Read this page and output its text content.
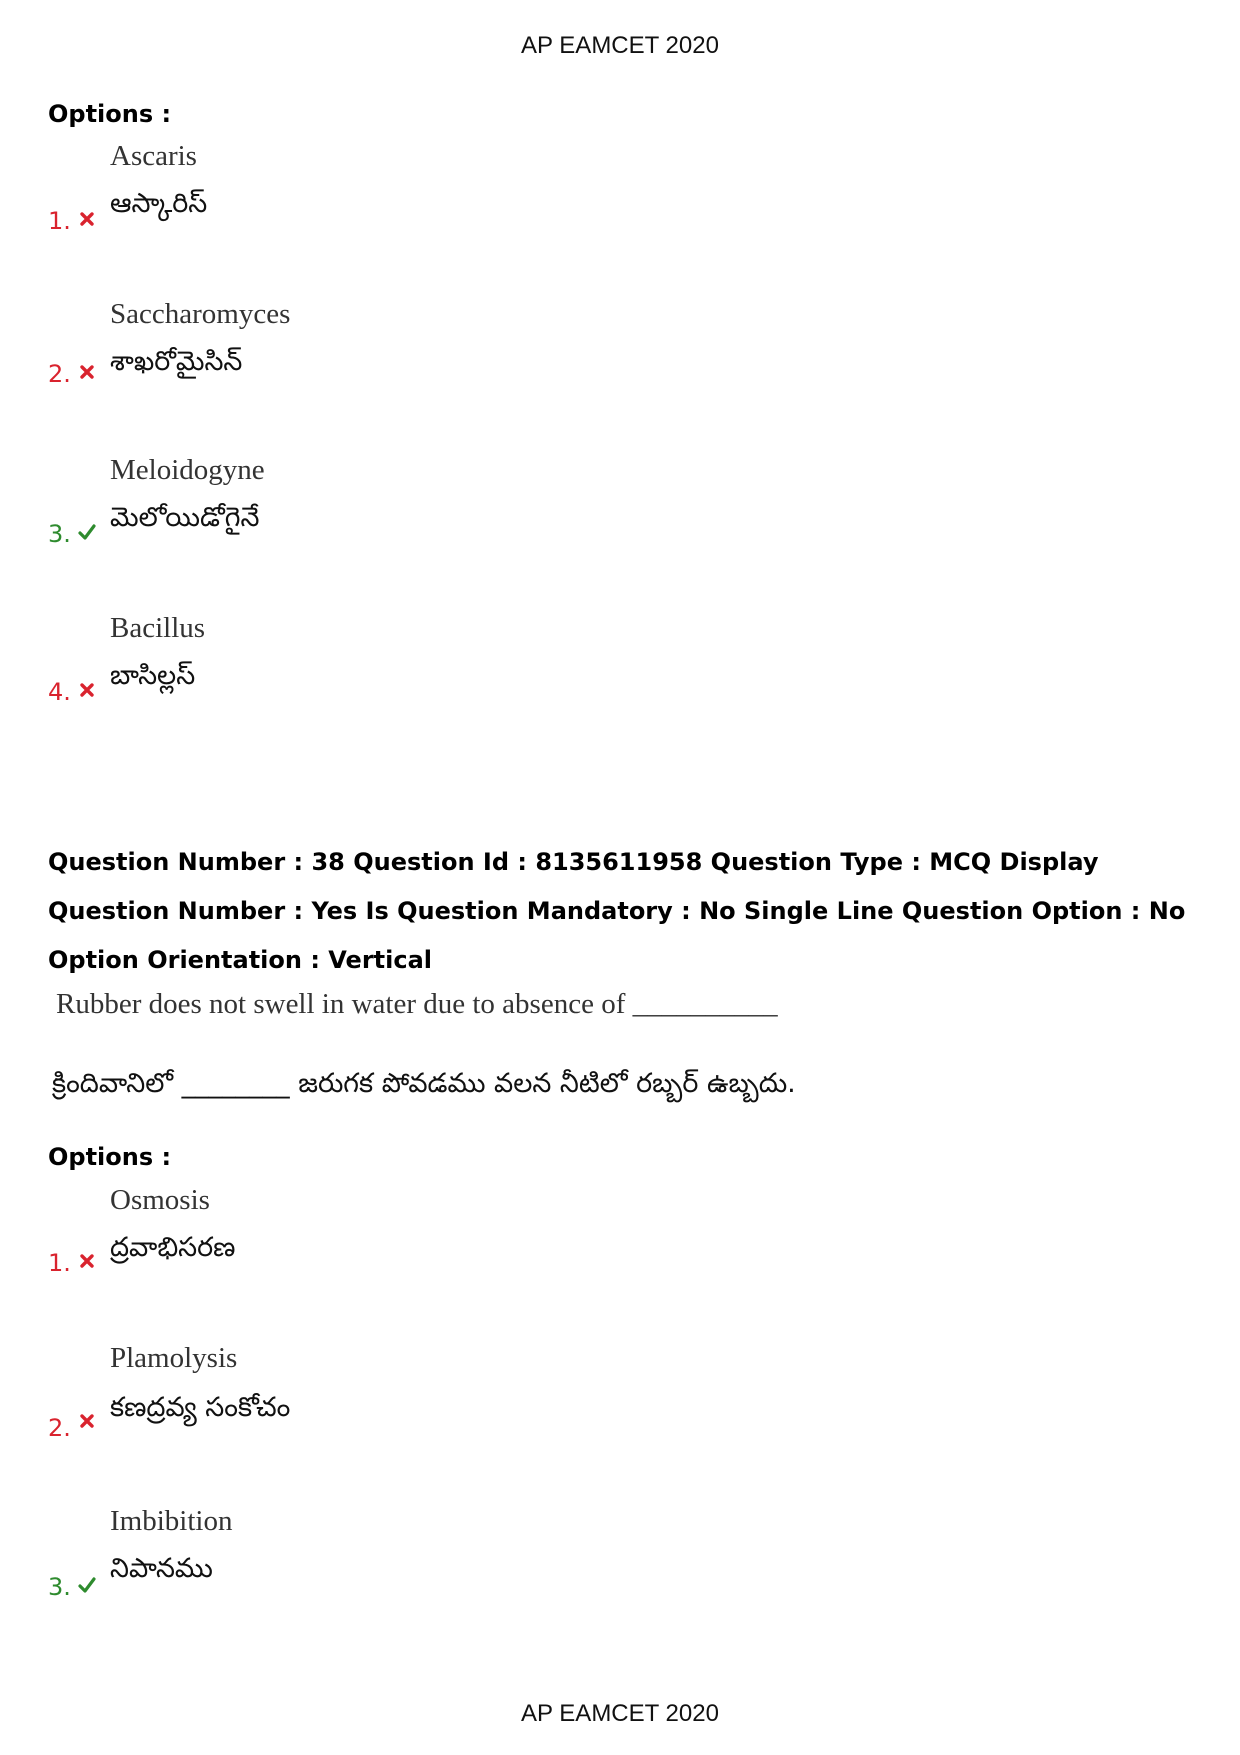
AP EAMCET 2020
Options :
Ascaris
ఆస్కారిస్
1.
Saccharomyces
శాఖరోమైసిన్
2.
Meloidogyne
మెలోయిడోగైనే
3.
Bacillus
బాసిల్లస్
4.
Question Number : 38 Question Id : 8135611958 Question Type : MCQ Display Question Number : Yes Is Question Mandatory : No Single Line Question Option : No Option Orientation : Vertical
Rubber does not swell in water due to absence of __________
క్రిందివానిలో ________ జరుగక పోవడము వలన నీటిలో రబ్బర్ ఉబ్బదు.
Options :
Osmosis
ద్రవాభిసరణ
1.
Plamolysis
కణద్రవ్య సంకోచం
2.
Imbibition
నిపానము
3.
AP EAMCET 2020
